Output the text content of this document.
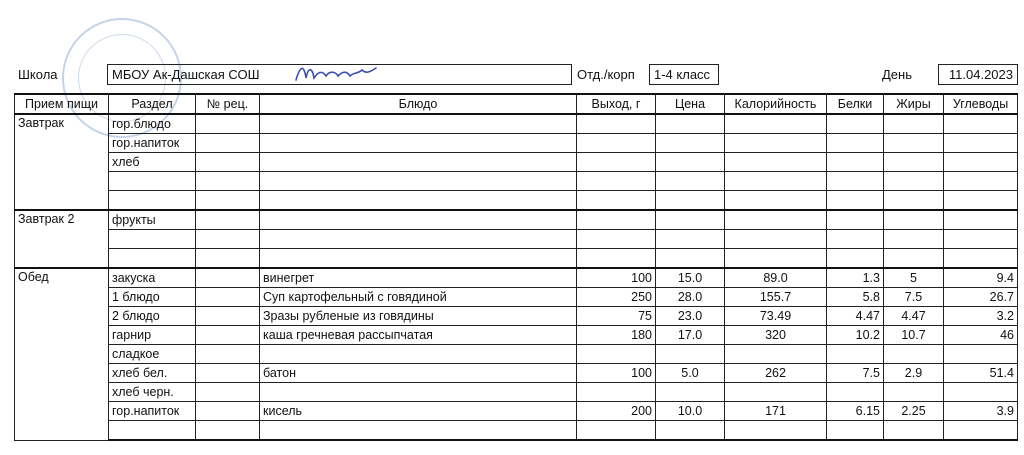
Школа	МБОУ Ак-Дашская СОШ	Отд./корп	1-4 класс	День	11.04.2023
Прием пищи	Раздел	№ рец.	Блюдо	Выход, г	Цена	Калорийность	Белки	Жиры	Углеводы
Завтрак	гор.блюдо								
	гор.напиток								
	хлеб								

Завтрак 2	фрукты								

Обед	закуска		винегрет	100	15.0	89.0	1.3	5	9.4
	1 блюдо		Суп картофельный с говядиной	250	28.0	155.7	5.8	7.5	26.7
	2 блюдо		Зразы рубленые из говядины	75	23.0	73.49	4.47	4.47	3.2
	гарнир		каша гречневая рассыпчатая	180	17.0	320	10.2	10.7	46
	сладкое								
	хлеб бел.		батон	100	5.0	262	7.5	2.9	51.4
	хлеб черн.								
	гор.напиток		кисель	200	10.0	171	6.15	2.25	3.9
